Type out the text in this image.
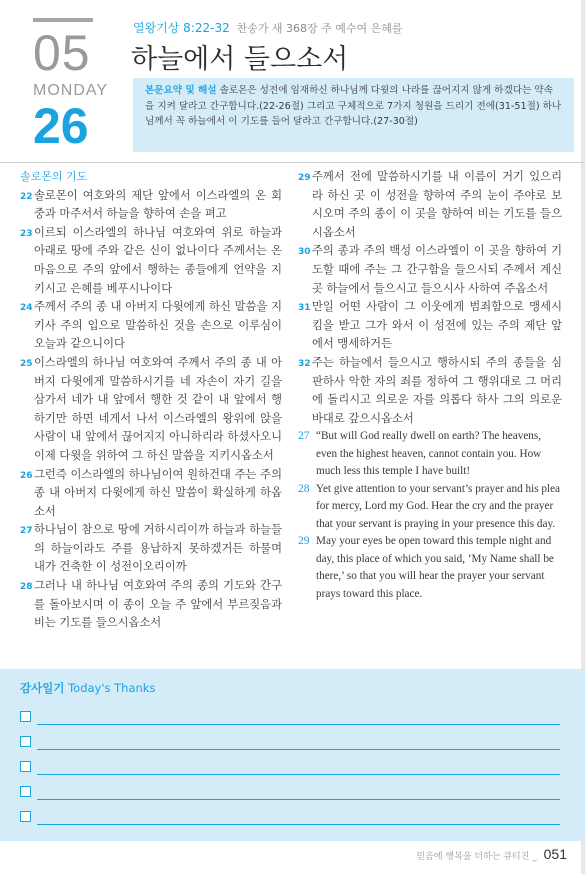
05
MONDAY
26
열왕기상 8:22-32 찬송가 새 368장 주 예수여 은혜를
하늘에서 들으소서
본문요약 및 해설 솔로몬은 성전에 임재하신 하나님께 다윗의 나라를 끊어지지 않게 하겠다는 약속을 지켜 달라고 간구합니다.(22-26절) 그리고 구체적으로 7가지 청원을 드리기 전에(31-51절) 하나님께서 꼭 하늘에서 이 기도를 들어 달라고 간구합니다.(27-30절)
솔로몬의 기도
22 솔로몬이 여호와의 제단 앞에서 이스라엘의 온 회중과 마주서서 하늘을 향하여 손을 펴고
23 이르되 이스라엘의 하나님 여호와여 위로 하늘과 아래로 땅에 주와 같은 신이 없나이다 주께서는 온 마음으로 주의 앞에서 행하는 종들에게 언약을 지키시고 은혜를 베푸시나이다
24 주께서 주의 종 내 아버지 다윗에게 하신 말씀을 지키사 주의 입으로 말씀하신 것을 손으로 이루심이 오늘과 같으니이다
25 이스라엘의 하나님 여호와여 주께서 주의 종 내 아버지 다윗에게 말씀하시기를 네 자손이 자기 길을 삼가서 네가 내 앞에서 행한 것 같이 내 앞에서 행하기만 하면 네게서 나서 이스라엘의 왕위에 앉을 사람이 내 앞에서 끊어지지 아니하리라 하셨사오니 이제 다윗을 위하여 그 하신 말씀을 지키시옵소서
26 그런즉 이스라엘의 하나님이여 원하건대 주는 주의 종 내 아버지 다윗에게 하신 말씀이 확실하게 하옵소서
27 하나님이 참으로 땅에 거하시리이까 하늘과 하늘들의 하늘이라도 주를 용납하지 못하겠거든 하물며 내가 건축한 이 성전이오리이까
28 그러나 내 하나님 여호와여 주의 종의 기도와 간구를 돌아보시며 이 종이 오늘 주 앞에서 부르짖음과 비는 기도를 들으시옵소서
29 주께서 전에 말씀하시기를 내 이름이 거기 있으리라 하신 곳 이 성전을 향하여 주의 눈이 주야로 보시오며 주의 종이 이 곳을 향하여 비는 기도를 들으시옵소서
30 주의 종과 주의 백성 이스라엘이 이 곳을 향하여 기도할 때에 주는 그 간구함을 들으시되 주께서 계신 곳 하늘에서 들으시고 들으시사 사하여 주옵소서
31 만일 어떤 사람이 그 이웃에게 범죄함으로 맹세시킴을 받고 그가 와서 이 성전에 있는 주의 제단 앞에서 맹세하거든
32 주는 하늘에서 들으시고 행하시되 주의 종들을 심판하사 악한 자의 죄를 정하여 그 행위대로 그 머리에 돌리시고 의로운 자를 의롭다 하사 그의 의로운 바대로 갚으시옵소서
27 “But will God really dwell on earth? The heavens, even the highest heaven, cannot contain you. How much less this temple I have built!
28 Yet give attention to your servant’s prayer and his plea for mercy, Lord my God. Hear the cry and the prayer that your servant is praying in your presence this day.
29 May your eyes be open toward this temple night and day, this place of which you said, ‘My Name shall be there,’ so that you will hear the prayer your servant prays toward this place.
감사일기 Today's Thanks
믿음에 행복을 더하는 큐티진 _ 051
